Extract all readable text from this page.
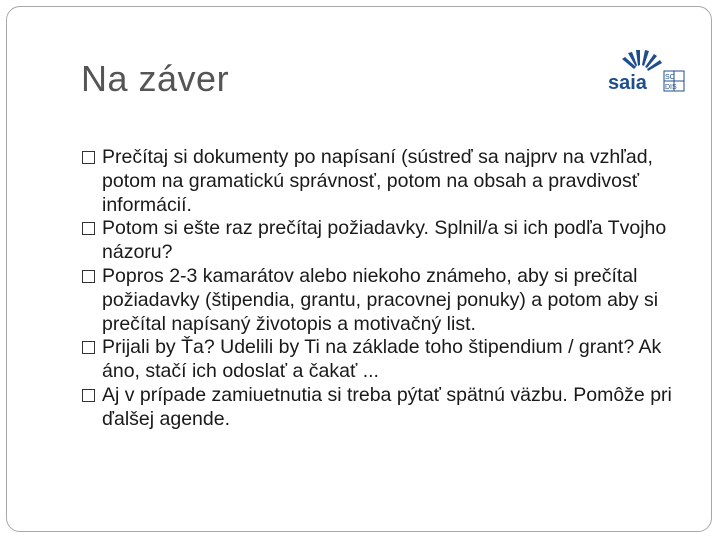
Na záver	saia	SC
DIS
Prečítaj si dokumenty po napísaní (sústreď sa najprv na vzhľad, potom na gramatickú správnosť, potom na obsah a pravdivosť informácií.
Potom si ešte raz prečítaj požiadavky. Splnil/a si ich podľa Tvojho názoru?
Popros 2-3 kamarátov alebo niekoho známeho, aby si prečítal požiadavky (štipendia, grantu, pracovnej ponuky) a potom aby si prečítal napísaný životopis a motivačný list.
Prijali by Ťa? Udelili by Ti na základe toho štipendium / grant? Ak áno, stačí ich odoslať a čakať ...
Aj v prípade zamiuetnutia si treba pýtať spätnú väzbu. Pomôže pri ďalšej agende.
